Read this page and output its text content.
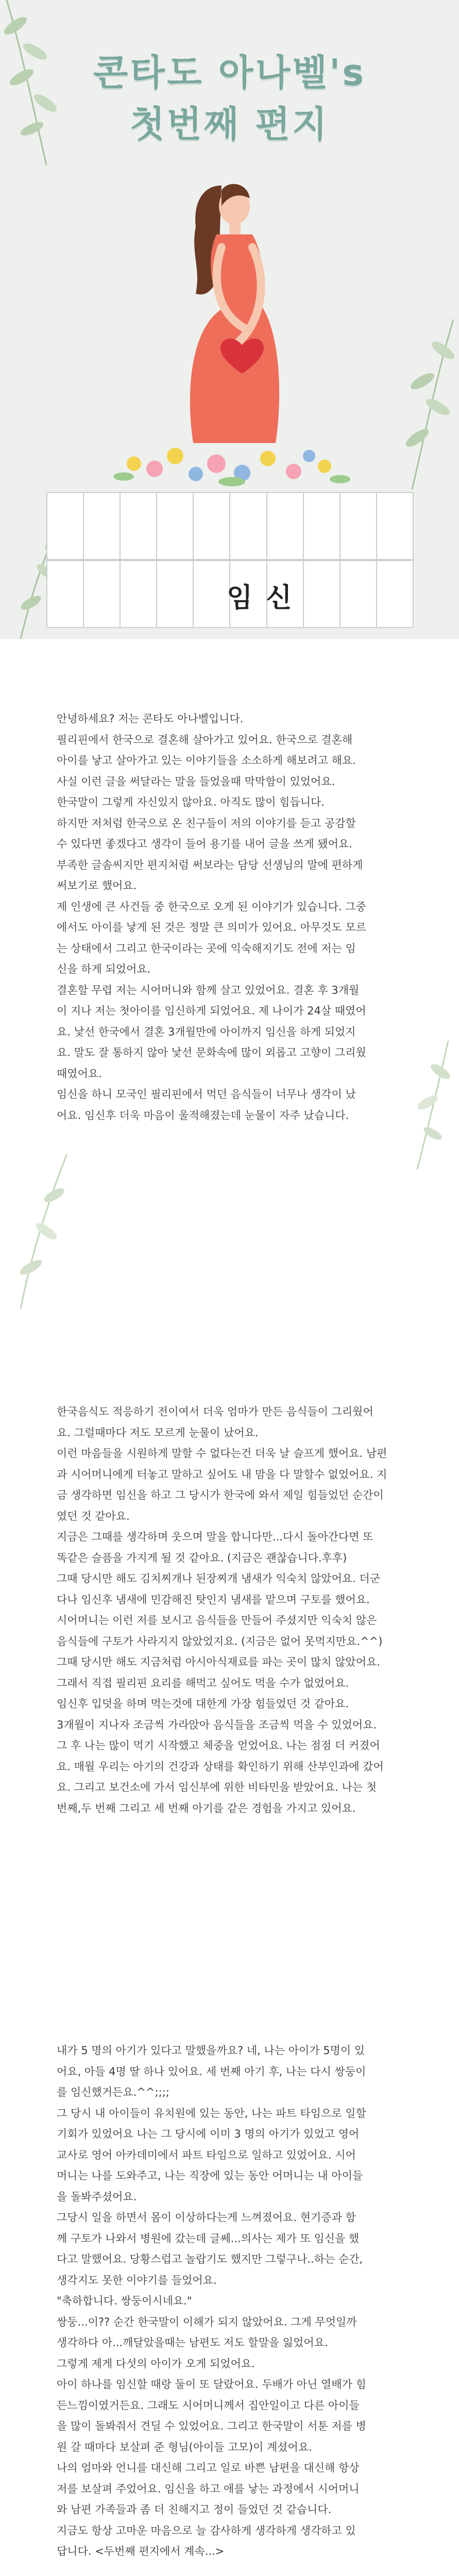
콘타도 아나벨's
첫번째 편지
임신
안녕하세요? 저는 콘타도 아나벨입니다.
필리핀에서 한국으로 결혼해 살아가고 있어요. 한국으로 결혼해
아이를 낳고 살아가고 있는 이야기들을 소소하게 해보려고 해요.
사실 이런 글을 써달라는 말을 들었을때 막막함이 있었어요.
한국말이 그렇게 자신있지 않아요. 아직도 많이 힘듭니다.
하지만 저처럼 한국으로 온 친구들이 저의 이야기를 듣고 공감할
수 있다면 좋겠다고 생각이 들어 용기를 내어 글을 쓰게 됐어요.
부족한 글솜씨지만 편지처럼 써보라는 담당 선생님의 말에 편하게
써보기로 했어요.
제 인생에 큰 사건들 중 한국으로 오게 된 이야기가 있습니다. 그중
에서도 아이를 낳게 된 것은 정말 큰 의미가 있어요. 아무것도 모르
는 상태에서 그리고 한국이라는 곳에 익숙해지기도 전에 저는 임
신을 하게 되었어요.
결혼할 무렵 저는 시어머니와 함께 살고 있었어요. 결혼 후 3개월
이 지나 저는 첫아이를 임신하게 되었어요. 제 나이가 24살 때였어
요. 낯선 한국에서 결혼 3개월만에 아이까지 임신을 하게 되었지
요. 말도 잘 통하지 않아 낯선 문화속에 많이 외롭고 고향이 그리웠
때였어요.
임신을 하니 모국인 필리핀에서 먹던 음식들이 너무나 생각이 났
어요. 임신후 더욱 마음이 울적해졌는데 눈물이 자주 났습니다.
한국음식도 적응하기 전이여서 더욱 엄마가 만든 음식들이 그리웠어
요. 그럴때마다 저도 모르게 눈물이 났어요.
이런 마음들을 시원하게 말할 수 없다는건 더욱 날 슬프게 했어요. 남편
과 시어머니에게 터놓고 말하고 싶어도 내 맘을 다 말할수 없었어요. 지
금 생각하면 임신을 하고 그 당시가 한국에 와서 제일 힘들었던 순간이
였던 것 같아요.
지금은 그때를 생각하며 웃으며 말을 합니다만...다시 돌아간다면 또
똑같은 슬픔을 가지게 될 것 같아요. (지금은 괜찮습니다.후후)
그때 당시만 해도 김치찌개나 된장찌개 냄새가 익숙치 않았어요. 더군
다나 임신후 냄새에 민감해진 탓인지 냄새를 맡으며 구토를 했어요.
시어머니는 이런 저를 보시고 음식들을 만들어 주셨지만 익숙치 않은
음식들에 구토가 사라지지 않았었지요. (지금은 없어 못먹지만요.^^)
그때 당시만 해도 지금처럼 아시아식재료를 파는 곳이 많치 않았어요.
그래서 직접 필리핀 요리를 해먹고 싶어도 먹을 수가 없었어요.
임신후 입덧을 하며 먹는것에 대한게 가장 힘들었던 것 같아요.
3개월이 지나자 조금씩 가라앉아 음식들을 조금씩 먹을 수 있었어요.
그 후 나는 많이 먹기 시작했고 체중을 얻었어요. 나는 점점 더 커졌어
요. 매월 우리는 아기의 건강과 상태를 확인하기 위해 산부인과에 갔어
요. 그리고 보건소에 가서 임신부에 위한 비타민을 받았어요. 나는 첫
번째,두 번째 그리고 세 번째 아기를 같은 경험을 가지고 있어요.
내가 5 명의 아기가 있다고 말했을까요? 네, 나는 아이가 5명이 있
어요, 아들 4명 딸 하나 있어요. 세 번째 아기 후, 나는 다시 쌍둥이
를 임신했거든요.^^;;;;
그 당시 내 아이들이 유치원에 있는 동안, 나는 파트 타임으로 일할
기회가 있었어요 나는 그 당시에 이미 3 명의 아기가 있었고 영어
교사로 영어 아카데미에서 파트 타임으로 일하고 있었어요. 시어
머니는 나를 도와주고, 나는 직장에 있는 동안 어머니는 내 아이들
을 돌봐주셨어요.
그당시 일을 하면서 몸이 이상하다는게 느껴졌어요. 현기증과 함
께 구토가 나와서 병원에 갔는데 글쎄...의사는 제가 또 임신을 했
다고 말했어요. 당황스럽고 놀랍기도 했지만 그렇구나..하는 순간,
생각지도 못한 이야기를 들었어요.
"축하합니다. 쌍둥이시네요."
쌍둥...이?? 순간 한국말이 이해가 되지 않았어요. 그게 무엇일까
생각하다 아...깨달았을때는 남편도 저도 할말을 잃었어요.
그렇게 제게 다섯의 아이가 오게 되었어요.
아이 하나를 임신할 때랑 둘이 또 달랐어요. 두배가 아닌 열배가 힘
든느낌이였거든요. 그래도 시어머니께서 집안일이고 다른 아이들
을 많이 돌봐줘서 견딜 수 있었어요. 그리고 한국말이 서툰 저를 병
원 갈 때마다 보살펴 준 형님(아이들 고모)이 계셨어요.
나의 엄마와 언니를 대신해 그리고 일로 바쁜 남편을 대신해 항상
저를 보살펴 주었어요. 임신을 하고 애를 낳는 과정에서 시어머니
와 남편 가족들과 좀 더 친해지고 정이 들었던 것 같습니다.
지금도 항상 고마운 마음으로 늘 감사하게 생각하게 생각하고 있
답니다. <두번째 편지에서 계속...>
